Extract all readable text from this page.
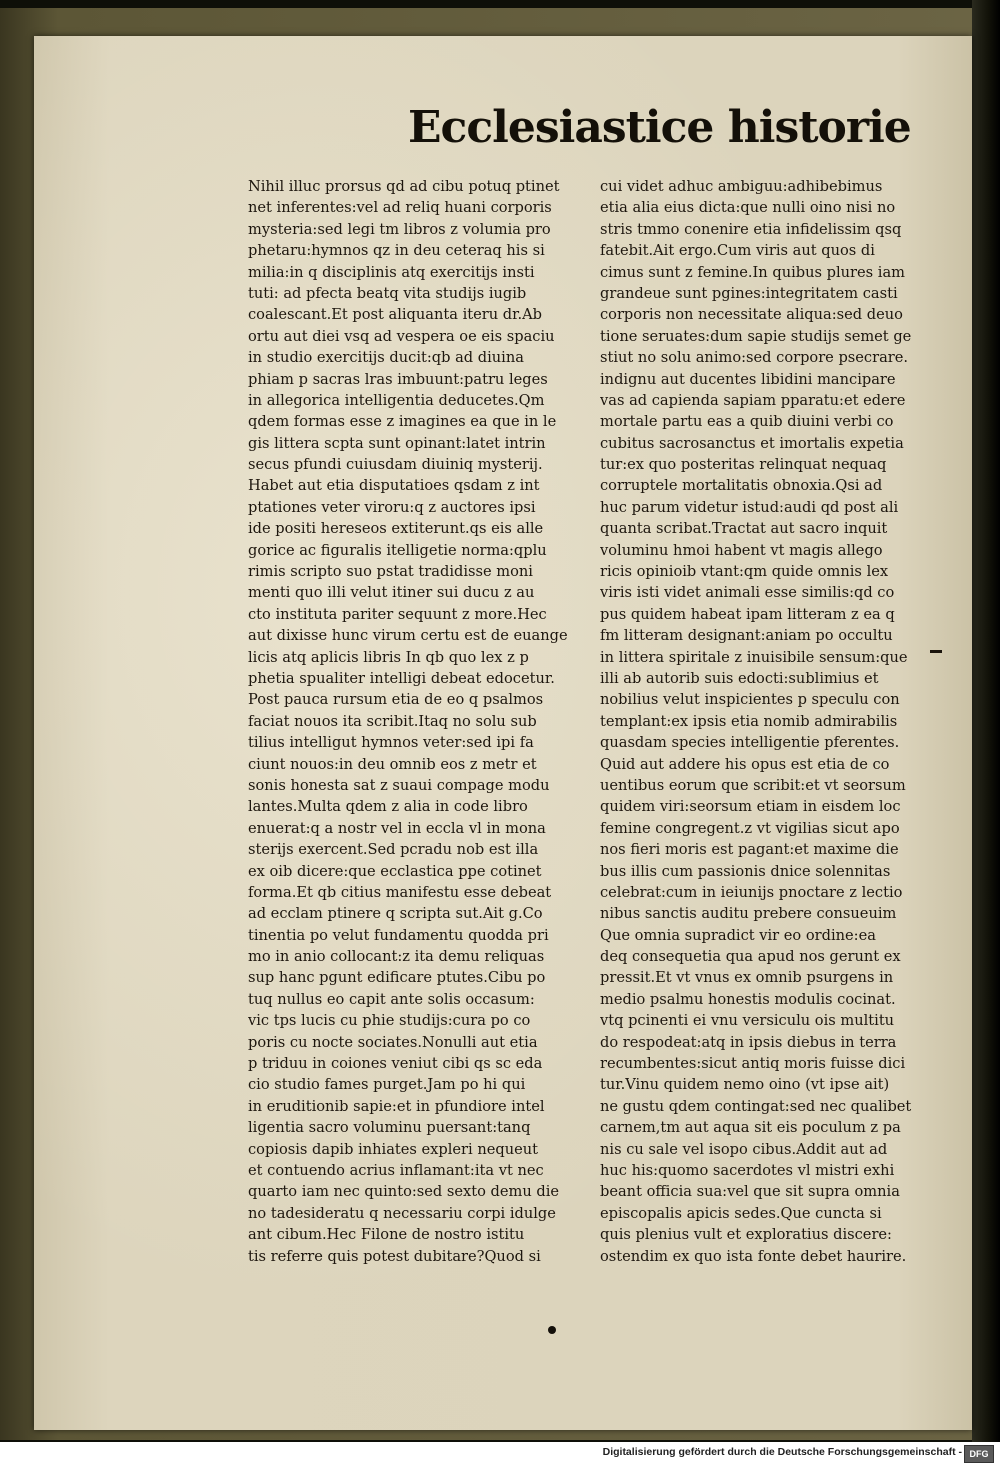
Ecclesiastice historie
Nihil illuc prorsus qd ad cibu potuq ptinet
net inferentes:vel ad reliq huani corporis
mysteria:sed legi tm libros z volumia pro
phetaru:hymnos qz in deu ceteraq his si
milia:in q disciplinis atq exercitijs insti
tuti: ad pfecta beatq vita studijs iugib
coalescant.Et post aliquanta iteru dr.Ab
ortu aut diei vsq ad vespera oe eis spaciu
in studio exercitijs ducit:qb ad diuina
phiam p sacras lras imbuunt:patru leges
in allegorica intelligentia deducetes.Qm
qdem formas esse z imagines ea que in le
gis littera scpta sunt opinant:latet intrin
secus pfundi cuiusdam diuiniq mysterij.
Habet aut etia disputatioes qsdam z int
ptationes veter viroru:q z auctores ipsi
ide positi hereseos extiterunt.qs eis alle
gorice ac figuralis itelligetie norma:qplu
rimis scripto suo pstat tradidisse moni
menti quo illi velut itiner sui ducu z au
cto instituta pariter sequunt z more.Hec
aut dixisse hunc virum certu est de euange
licis atq aplicis libris In qb quo lex z p
phetia spualiter intelligi debeat edocetur.
Post pauca rursum etia de eo q psalmos
faciat nouos ita scribit.Itaq no solu sub
tilius intelligut hymnos veter:sed ipi fa
ciunt nouos:in deu omnib eos z metr et
sonis honesta sat z suaui compage modu
lantes.Multa qdem z alia in code libro
enuerat:q a nostr vel in eccla vl in mona
sterijs exercent.Sed pcradu nob est illa
ex oib dicere:que ecclastica ppe cotinet
forma.Et qb citius manifestu esse debeat
ad ecclam ptinere q scripta sut.Ait g.Co
tinentia po velut fundamentu quodda pri
mo in anio collocant:z ita demu reliquas
sup hanc pgunt edificare ptutes.Cibu po
tuq nullus eo capit ante solis occasum:
vic tps lucis cu phie studijs:cura po co
poris cu nocte sociates.Nonulli aut etia
p triduu in coiones veniut cibi qs sc eda
cio studio fames purget.Jam po hi qui
in eruditionib sapie:et in pfundiore intel
ligentia sacro voluminu puersant:tanq
copiosis dapib inhiates expleri nequeut
et contuendo acrius inflamant:ita vt nec
quarto iam nec quinto:sed sexto demu die
no tadesideratu q necessariu corpi idulge
ant cibum.Hec Filone de nostro istitu
tis referre quis potest dubitare?Quod si
cui videt adhuc ambiguu:adhibebimus
etia alia eius dicta:que nulli oino nisi no
stris tmmo conenire etia infidelissim qsq
fatebit.Ait ergo.Cum viris aut quos di
cimus sunt z femine.In quibus plures iam
grandeue sunt pgines:integritatem casti
corporis non necessitate aliqua:sed deuo
tione seruates:dum sapie studijs semet ge
stiut no solu animo:sed corpore psecrare.
indignu aut ducentes libidini mancipare
vas ad capienda sapiam pparatu:et edere
mortale partu eas a quib diuini verbi co
cubitus sacrosanctus et imortalis expetia
tur:ex quo posteritas relinquat nequaq
corruptele mortalitatis obnoxia.Qsi ad
huc parum videtur istud:audi qd post ali
quanta scribat.Tractat aut sacro inquit
voluminu hmoi habent vt magis allego
ricis opinioib vtant:qm quide omnis lex
viris isti videt animali esse similis:qd co
pus quidem habeat ipam litteram z ea q
fm litteram designant:aniam po occultu
in littera spiritale z inuisibile sensum:que
illi ab autorib suis edocti:sublimius et
nobilius velut inspicientes p speculu con
templant:ex ipsis etia nomib admirabilis
quasdam species intelligentie pferentes.
Quid aut addere his opus est etia de co
uentibus eorum que scribit:et vt seorsum
quidem viri:seorsum etiam in eisdem loc
femine congregent.z vt vigilias sicut apo
nos fieri moris est pagant:et maxime die
bus illis cum passionis dnice solennitas
celebrat:cum in ieiunijs pnoctare z lectio
nibus sanctis auditu prebere consueuim
Que omnia supradict vir eo ordine:ea
deq consequetia qua apud nos gerunt ex
pressit.Et vt vnus ex omnib psurgens in
medio psalmu honestis modulis cocinat.
vtq pcinenti ei vnu versiculu ois multitu
do respodeat:atq in ipsis diebus in terra
recumbentes:sicut antiq moris fuisse dici
tur.Vinu quidem nemo oino (vt ipse ait)
ne gustu qdem contingat:sed nec qualibet
carnem,tm aut aqua sit eis poculum z pa
nis cu sale vel isopo cibus.Addit aut ad
huc his:quomo sacerdotes vl mistri exhi
beant officia sua:vel que sit supra omnia
episcopalis apicis sedes.Que cuncta si
quis plenius vult et exploratius discere:
ostendim ex quo ista fonte debet haurire.
Digitalisierung gefördert durch die Deutsche Forschungsgemeinschaft - DFG
